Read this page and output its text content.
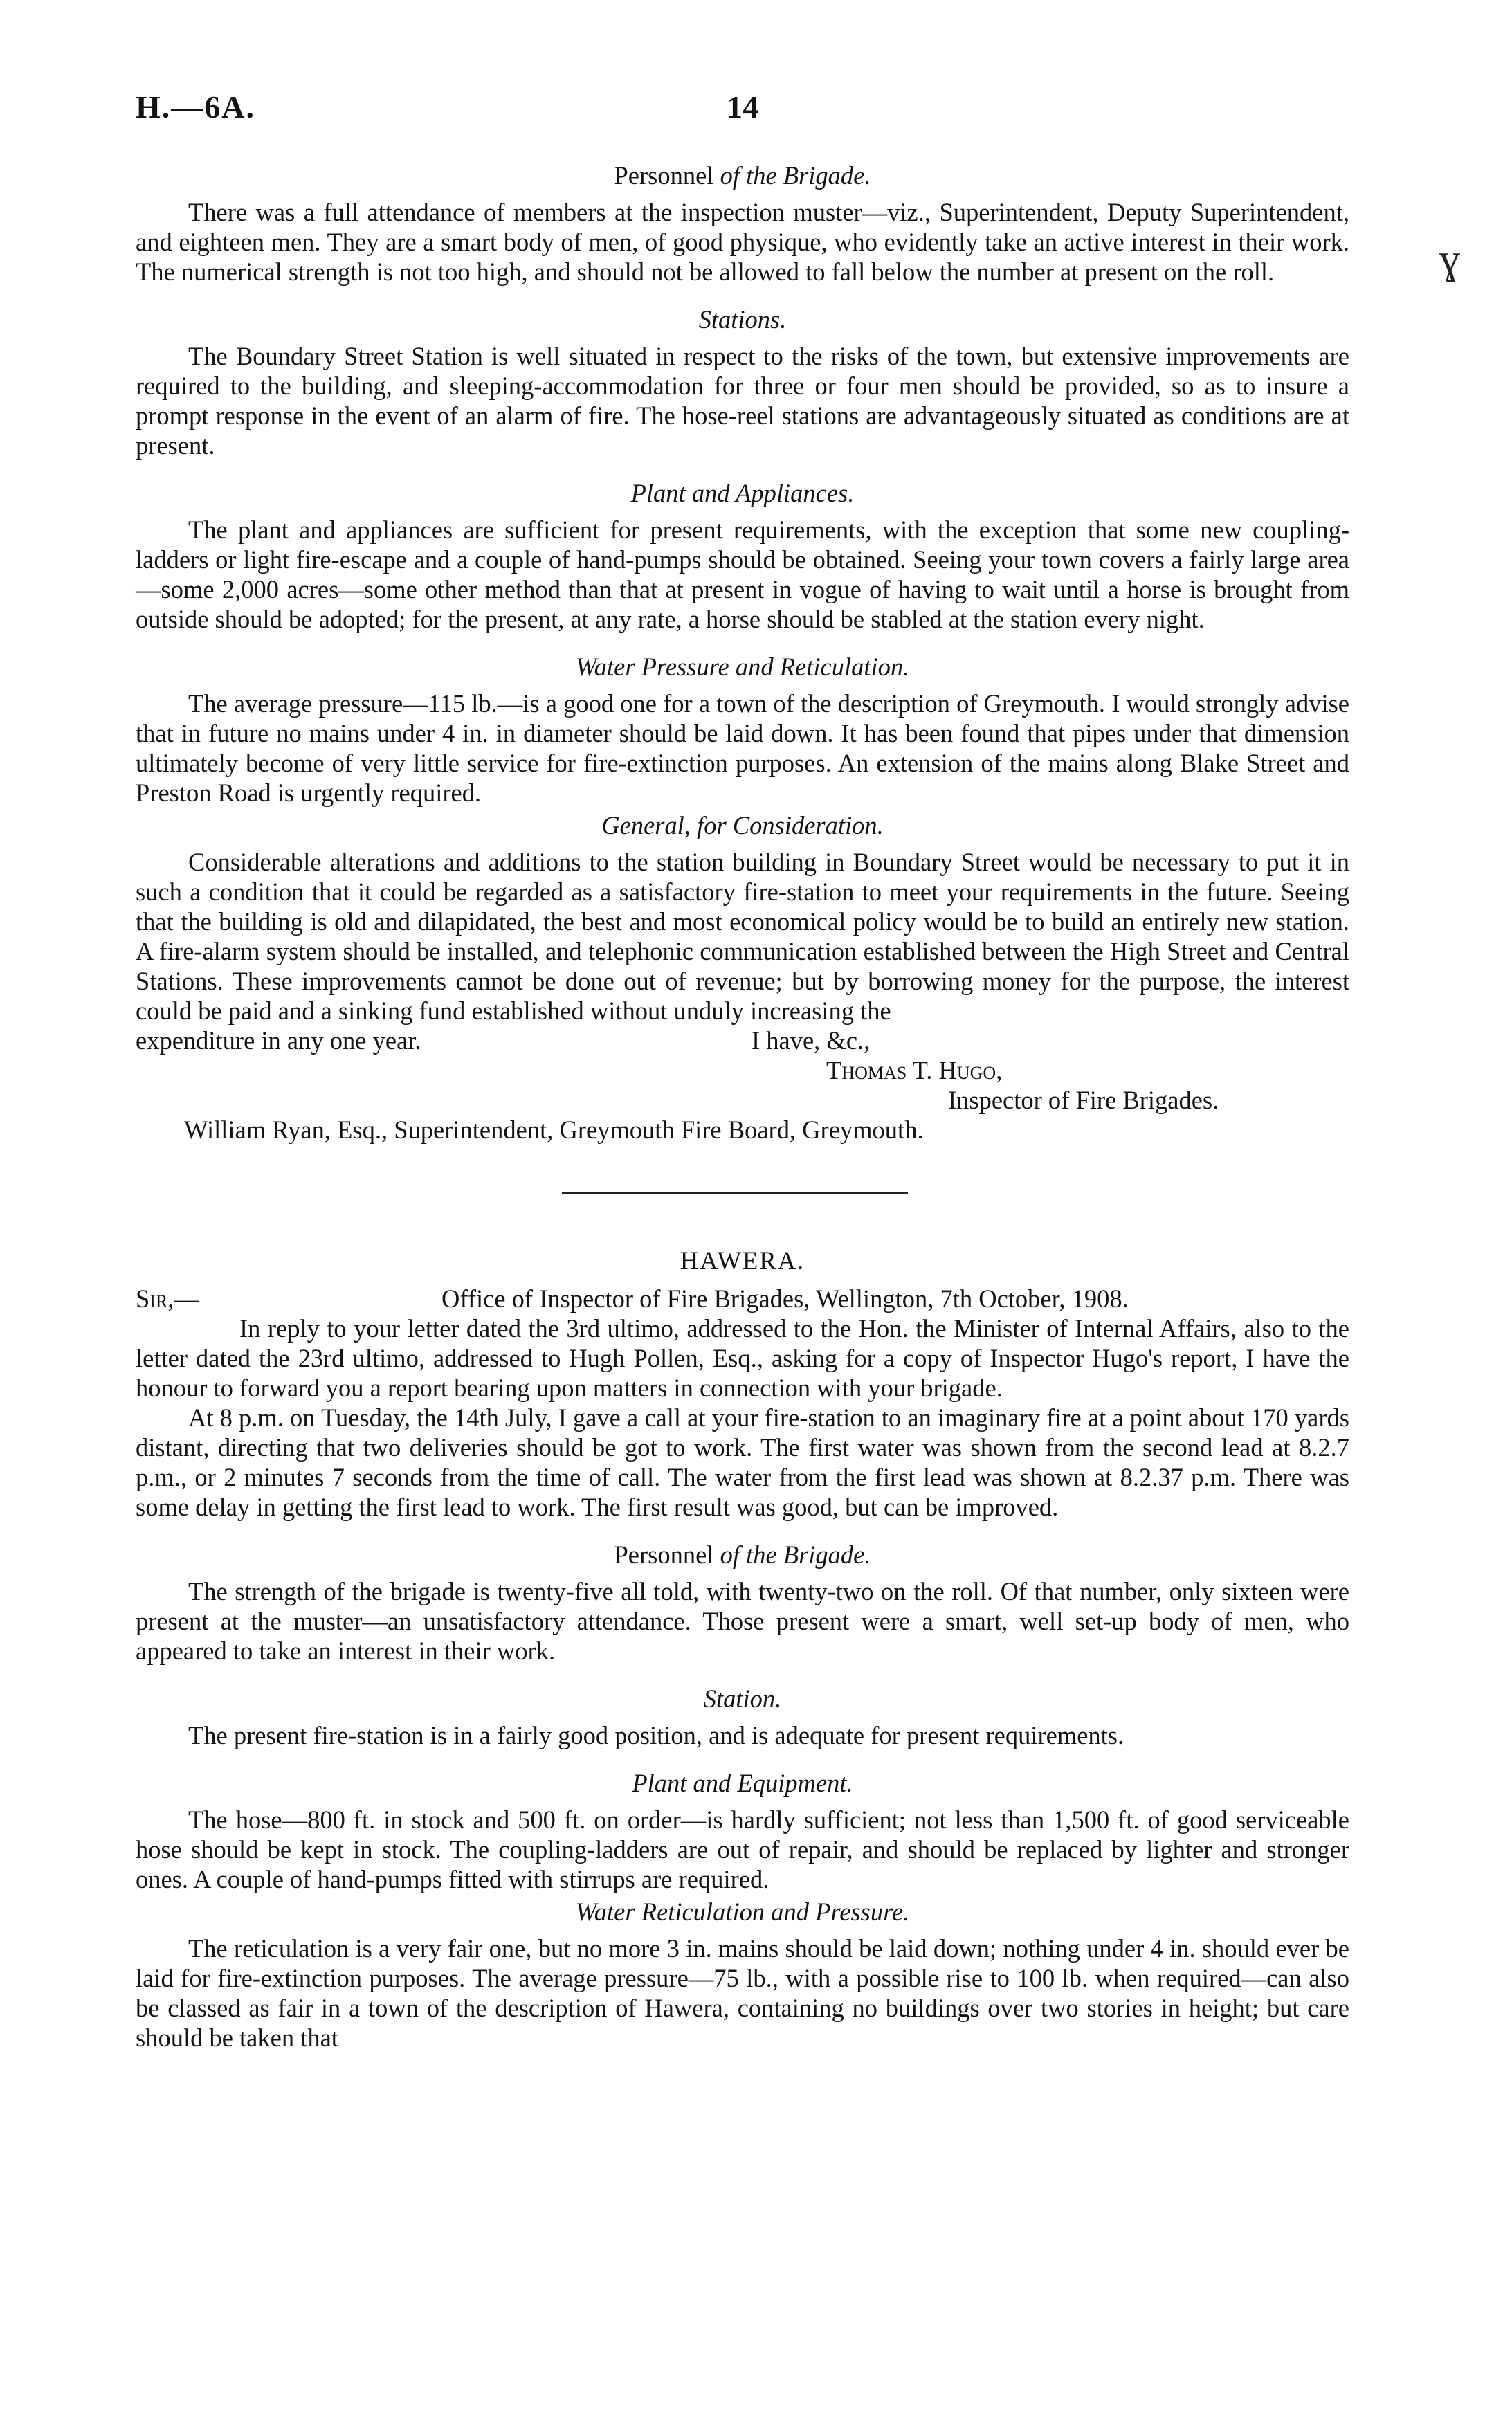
H.—6A.	14
ɣ
Personnel of the Brigade.

There was a full attendance of members at the inspection muster—viz., Superintendent, Deputy Superintendent, and eighteen men. They are a smart body of men, of good physique, who evidently take an active interest in their work. The numerical strength is not too high, and should not be allowed to fall below the number at present on the roll.

Stations.

The Boundary Street Station is well situated in respect to the risks of the town, but extensive improvements are required to the building, and sleeping-accommodation for three or four men should be provided, so as to insure a prompt response in the event of an alarm of fire. The hose-reel stations are advantageously situated as conditions are at present.

Plant and Appliances.

The plant and appliances are sufficient for present requirements, with the exception that some new coupling-ladders or light fire-escape and a couple of hand-pumps should be obtained. Seeing your town covers a fairly large area—some 2,000 acres—some other method than that at present in vogue of having to wait until a horse is brought from outside should be adopted; for the present, at any rate, a horse should be stabled at the station every night.

Water Pressure and Reticulation.

The average pressure—115 lb.—is a good one for a town of the description of Greymouth. I would strongly advise that in future no mains under 4 in. in diameter should be laid down. It has been found that pipes under that dimension ultimately become of very little service for fire-extinction purposes. An extension of the mains along Blake Street and Preston Road is urgently required.

General, for Consideration.

Considerable alterations and additions to the station building in Boundary Street would be necessary to put it in such a condition that it could be regarded as a satisfactory fire-station to meet your requirements in the future. Seeing that the building is old and dilapidated, the best and most economical policy would be to build an entirely new station. A fire-alarm system should be installed, and telephonic communication established between the High Street and Central Stations. These improvements cannot be done out of revenue; but by borrowing money for the purpose, the interest could be paid and a sinking fund established without unduly increasing the

expenditure in any one year.	I have, &c.,
Thomas T. Hugo,
Inspector of Fire Brigades.
William Ryan, Esq., Superintendent, Greymouth Fire Board, Greymouth.
HAWERA.
Sir,—	Office of Inspector of Fire Brigades, Wellington, 7th October, 1908.

In reply to your letter dated the 3rd ultimo, addressed to the Hon. the Minister of Internal Affairs, also to the letter dated the 23rd ultimo, addressed to Hugh Pollen, Esq., asking for a copy of Inspector Hugo's report, I have the honour to forward you a report bearing upon matters in connection with your brigade.

At 8 p.m. on Tuesday, the 14th July, I gave a call at your fire-station to an imaginary fire at a point about 170 yards distant, directing that two deliveries should be got to work. The first water was shown from the second lead at 8.2.7 p.m., or 2 minutes 7 seconds from the time of call. The water from the first lead was shown at 8.2.37 p.m. There was some delay in getting the first lead to work. The first result was good, but can be improved.

Personnel of the Brigade.

The strength of the brigade is twenty-five all told, with twenty-two on the roll. Of that number, only sixteen were present at the muster—an unsatisfactory attendance. Those present were a smart, well set-up body of men, who appeared to take an interest in their work.

Station.

The present fire-station is in a fairly good position, and is adequate for present requirements.

Plant and Equipment.

The hose—800 ft. in stock and 500 ft. on order—is hardly sufficient; not less than 1,500 ft. of good serviceable hose should be kept in stock. The coupling-ladders are out of repair, and should be replaced by lighter and stronger ones. A couple of hand-pumps fitted with stirrups are required.

Water Reticulation and Pressure.

The reticulation is a very fair one, but no more 3 in. mains should be laid down; nothing under 4 in. should ever be laid for fire-extinction purposes. The average pressure—75 lb., with a possible rise to 100 lb. when required—can also be classed as fair in a town of the description of Hawera, containing no buildings over two stories in height; but care should be taken that
